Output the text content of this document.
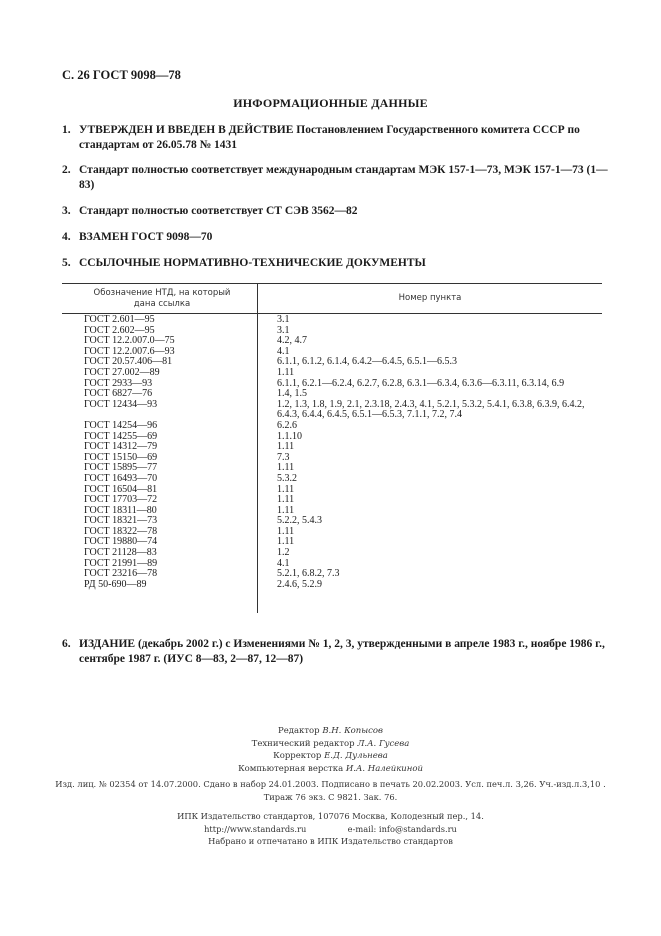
С. 26 ГОСТ 9098—78
ИНФОРМАЦИОННЫЕ ДАННЫЕ
1. УТВЕРЖДЕН И ВВЕДЕН В ДЕЙСТВИЕ Постановлением Государственного комитета СССР по стандартам от 26.05.78 № 1431
2. Стандарт полностью соответствует международным стандартам МЭК 157-1—73, МЭК 157-1—73 (1—83)
3. Стандарт полностью соответствует СТ СЭВ 3562—82
4. ВЗАМЕН ГОСТ 9098—70
5. ССЫЛОЧНЫЕ НОРМАТИВНО-ТЕХНИЧЕСКИЕ ДОКУМЕНТЫ
Обозначение НТД, на который дана ссылка
Номер пункта
ГОСТ 2.601—95	3.1
ГОСТ 2.602—95	3.1
ГОСТ 12.2.007.0—75	4.2, 4.7
ГОСТ 12.2.007.6—93	4.1
ГОСТ 20.57.406—81	6.1.1, 6.1.2, 6.1.4, 6.4.2—6.4.5, 6.5.1—6.5.3
ГОСТ 27.002—89	1.11
ГОСТ 2933—93	6.1.1, 6.2.1—6.2.4, 6.2.7, 6.2.8, 6.3.1—6.3.4, 6.3.6—6.3.11, 6.3.14, 6.9
ГОСТ 6827—76	1.4, 1.5
ГОСТ 12434—93	1.2, 1.3, 1.8, 1.9, 2.1, 2.3.18, 2.4.3, 4.1, 5.2.1, 5.3.2, 5.4.1, 6.3.8, 6.3.9, 6.4.2, 6.4.3, 6.4.4, 6.4.5, 6.5.1—6.5.3, 7.1.1, 7.2, 7.4
ГОСТ 14254—96	6.2.6
ГОСТ 14255—69	1.1.10
ГОСТ 14312—79	1.11
ГОСТ 15150—69	7.3
ГОСТ 15895—77	1.11
ГОСТ 16493—70	5.3.2
ГОСТ 16504—81	1.11
ГОСТ 17703—72	1.11
ГОСТ 18311—80	1.11
ГОСТ 18321—73	5.2.2, 5.4.3
ГОСТ 18322—78	1.11
ГОСТ 19880—74	1.11
ГОСТ 21128—83	1.2
ГОСТ 21991—89	4.1
ГОСТ 23216—78	5.2.1, 6.8.2, 7.3
РД 50-690—89	2.4.6, 5.2.9
6. ИЗДАНИЕ (декабрь 2002 г.) с Изменениями № 1, 2, 3, утвержденными в апреле 1983 г., ноябре 1986 г., сентябре 1987 г. (ИУС 8—83, 2—87, 12—87)
Редактор В.Н. Копысов
Технический редактор Л.А. Гусева
Корректор Е.Д. Дульнева
Компьютерная верстка И.А. Налейкиной
Изд. лиц. № 02354 от 14.07.2000. Сдано в набор 24.01.2003. Подписано в печать 20.02.2003. Усл. печ.л. 3,26. Уч.-изд.л.3,10 .
Тираж 76 экз. С 9821. Зак. 76.
ИПК Издательство стандартов, 107076 Москва, Колодезный пер., 14.
http://www.standards.ru	e-mail: info@standards.ru
Набрано и отпечатано в ИПК Издательство стандартов
